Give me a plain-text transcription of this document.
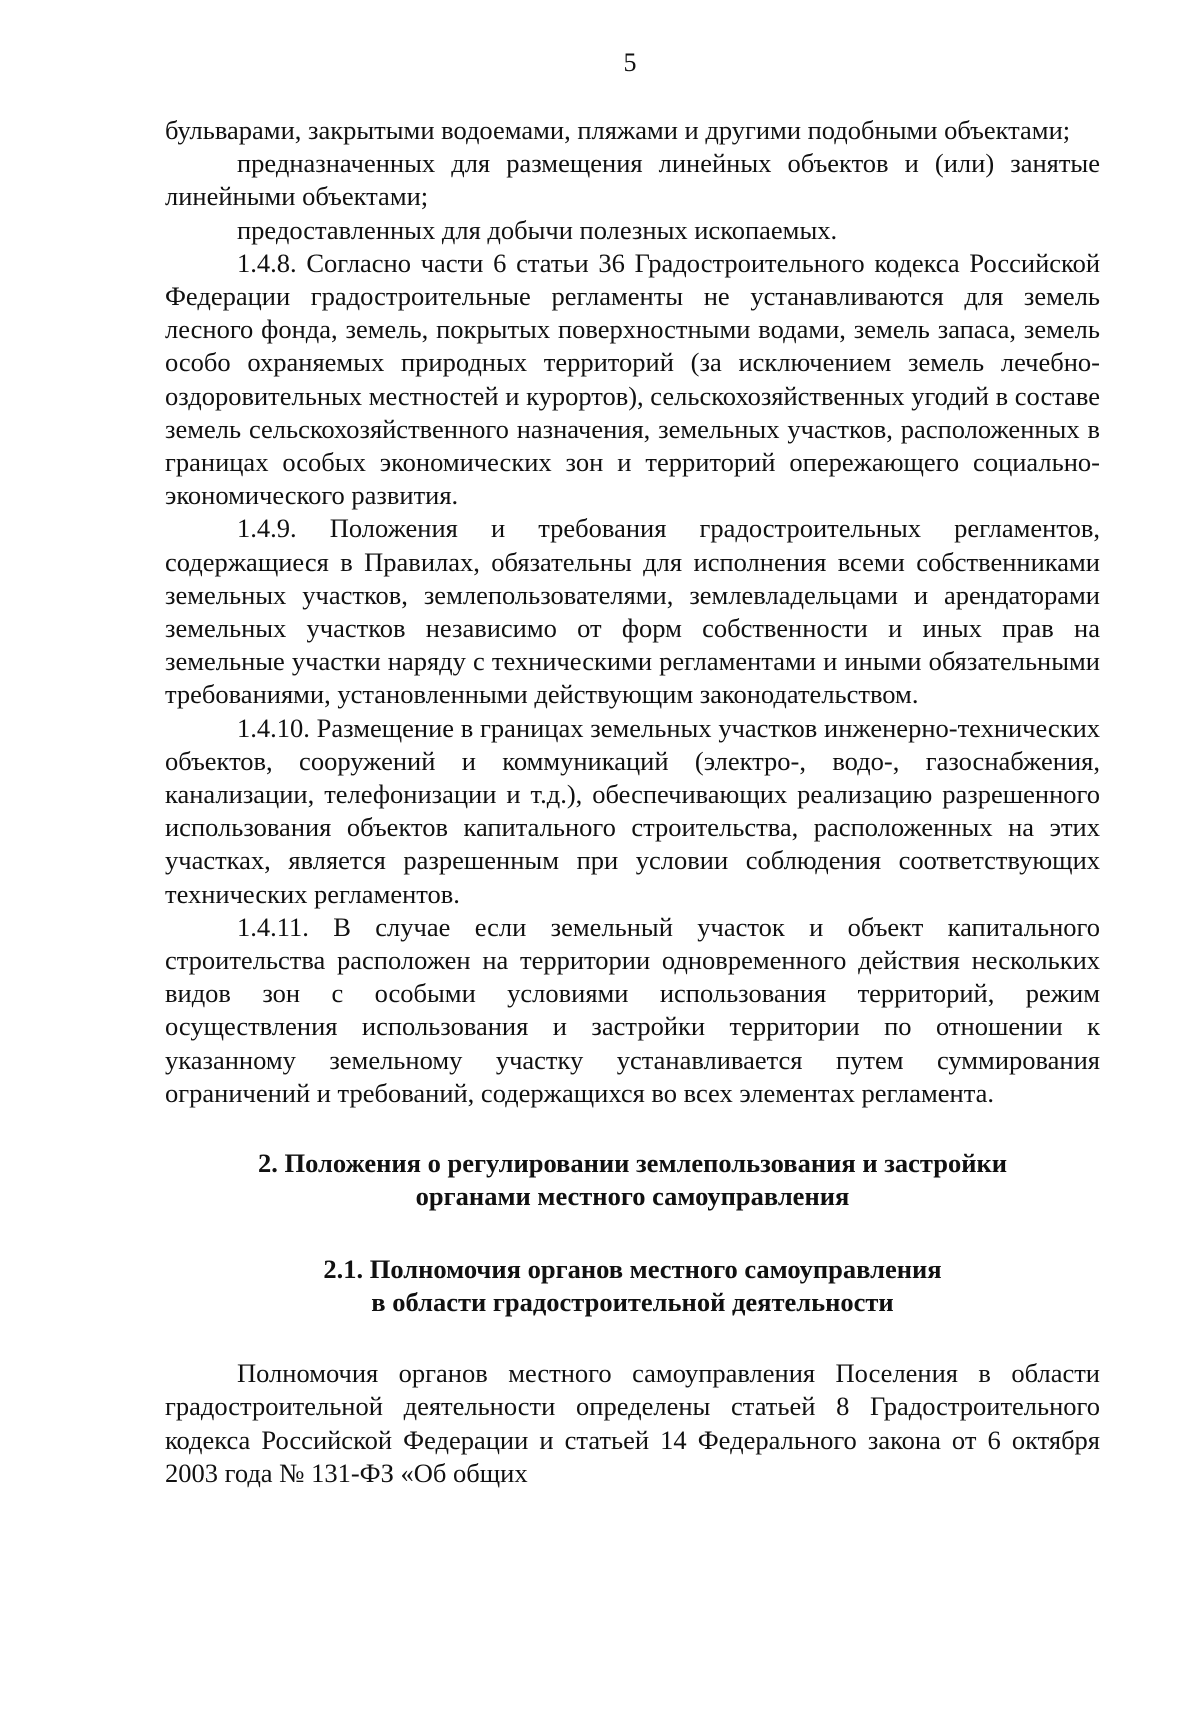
5

бульварами, закрытыми водоемами, пляжами и другими подобными объектами;

предназначенных для размещения линейных объектов и (или) занятые линейными объектами;

предоставленных для добычи полезных ископаемых.

1.4.8. Согласно части 6 статьи 36 Градостроительного кодекса Российской Федерации градостроительные регламенты не устанавливаются для земель лесного фонда, земель, покрытых поверхностными водами, земель запаса, земель особо охраняемых природных территорий (за исключением земель лечебно-оздоровительных местностей и курортов), сельскохозяйственных угодий в составе земель сельскохозяйственного назначения, земельных участков, расположенных в границах особых экономических зон и территорий опережающего социально-экономического развития.

1.4.9. Положения и требования градостроительных регламентов, содержащиеся в Правилах, обязательны для исполнения всеми собственниками земельных участков, землепользователями, землевладельцами и арендаторами земельных участков независимо от форм собственности и иных прав на земельные участки наряду с техническими регламентами и иными обязательными требованиями, установленными действующим законодательством.

1.4.10. Размещение в границах земельных участков инженерно-технических объектов, сооружений и коммуникаций (электро-, водо-, газоснабжения, канализации, телефонизации и т.д.), обеспечивающих реализацию разрешенного использования объектов капитального строительства, расположенных на этих участках, является разрешенным при условии соблюдения соответствующих технических регламентов.

1.4.11. В случае если земельный участок и объект капитального строительства расположен на территории одновременного действия нескольких видов зон с особыми условиями использования территорий, режим осуществления использования и застройки территории по отношении к указанному земельному участку устанавливается путем суммирования ограничений и требований, содержащихся во всех элементах регламента.

2. Положения о регулировании землепользования и застройки
органами местного самоуправления

2.1. Полномочия органов местного самоуправления
в области градостроительной деятельности

Полномочия органов местного самоуправления Поселения в области градостроительной деятельности определены статьей 8 Градостроительного кодекса Российской Федерации и статьей 14 Федерального закона от 6 октября 2003 года № 131-ФЗ «Об общих
